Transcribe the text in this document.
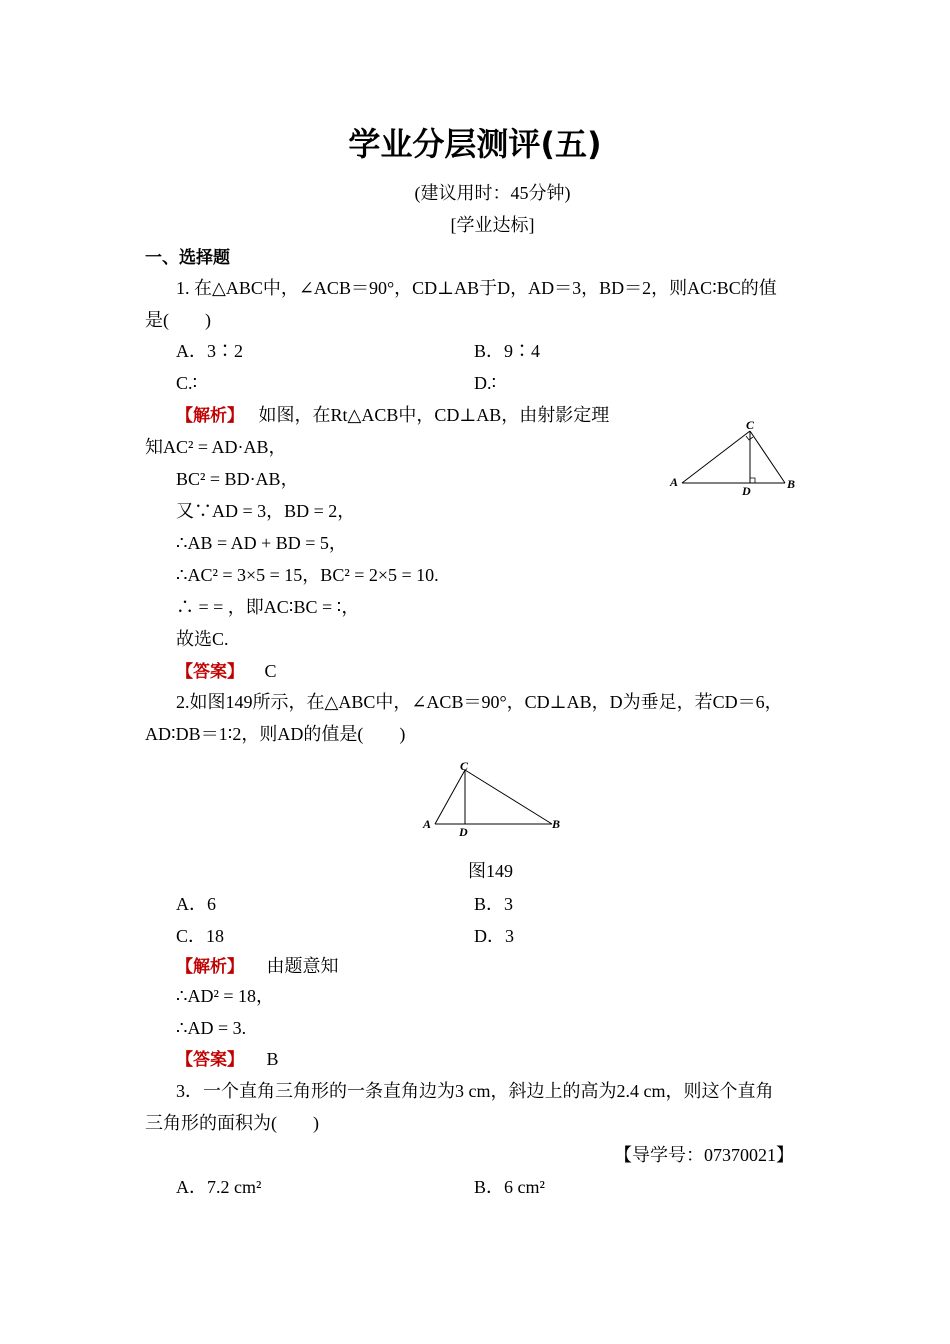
学业分层测评(五)
(建议用时：45分钟)
[学业达标]
一、选择题
1. 在△ABC中，∠ACB＝90°，CD⊥AB于D，AD＝3，BD＝2，则AC∶BC的值
是(　　)
A．3∶2	B．9∶4
C.∶	D.∶
【解析】 如图，在Rt△ACB中，CD⊥AB，由射影定理
知AC² = AD·AB，
BC² = BD·AB，
又∵AD = 3，BD = 2，
∴AB = AD + BD = 5，
∴AC² = 3×5 = 15，BC² = 2×5 = 10.
∴ = = ，即AC∶BC = ∶，
故选C.
【答案】 C
C
A	B
D
2.如图149所示，在△ABC中，∠ACB＝90°，CD⊥AB，D为垂足，若CD＝6，
AD∶DB＝1∶2，则AD的值是(　　)
C
A	B
D
图149
A．6	B．3
C．18	D．3
【解析】 由题意知
∴AD² = 18，
∴AD = 3.
【答案】 B
3．一个直角三角形的一条直角边为3 cm，斜边上的高为2.4 cm，则这个直角
三角形的面积为(　　)
【导学号：07370021】
A．7.2 cm²	B．6 cm²
